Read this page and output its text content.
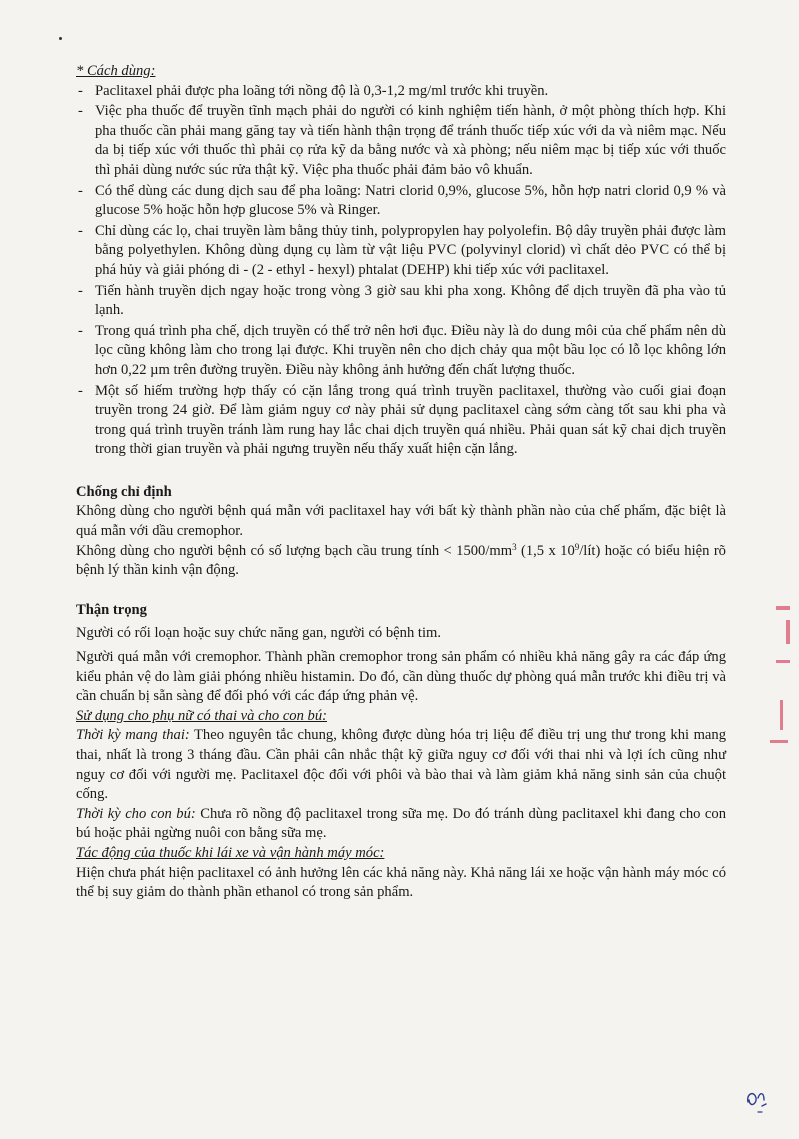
* Cách dùng:

- Paclitaxel phải được pha loãng tới nồng độ là 0,3-1,2 mg/ml trước khi truyền.
- Việc pha thuốc để truyền tĩnh mạch phải do người có kinh nghiệm tiến hành, ở một phòng thích hợp. Khi pha thuốc cần phải mang găng tay và tiến hành thận trọng để tránh thuốc tiếp xúc với da và niêm mạc. Nếu da bị tiếp xúc với thuốc thì phải cọ rửa kỹ da bằng nước và xà phòng; nếu niêm mạc bị tiếp xúc với thuốc thì phải dùng nước súc rửa thật kỹ. Việc pha thuốc phải đảm bảo vô khuẩn.
- Có thể dùng các dung dịch sau để pha loãng: Natri clorid 0,9%, glucose 5%, hỗn hợp natri clorid 0,9 % và glucose 5% hoặc hỗn hợp glucose 5% và Ringer.
- Chỉ dùng các lọ, chai truyền làm bằng thủy tinh, polypropylen hay polyolefin. Bộ dây truyền phải được làm bằng polyethylen. Không dùng dụng cụ làm từ vật liệu PVC (polyvinyl clorid) vì chất dẻo PVC có thể bị phá hủy và giải phóng di - (2 - ethyl - hexyl) phtalat (DEHP) khi tiếp xúc với paclitaxel.
- Tiến hành truyền dịch ngay hoặc trong vòng 3 giờ sau khi pha xong. Không để dịch truyền đã pha vào tủ lạnh.
- Trong quá trình pha chế, dịch truyền có thể trở nên hơi đục. Điều này là do dung môi của chế phẩm nên dù lọc cũng không làm cho trong lại được. Khi truyền nên cho dịch chảy qua một bầu lọc có lỗ lọc không lớn hơn 0,22 µm trên đường truyền. Điều này không ảnh hưởng đến chất lượng thuốc.
- Một số hiếm trường hợp thấy có cặn lắng trong quá trình truyền paclitaxel, thường vào cuối giai đoạn truyền trong 24 giờ. Để làm giảm nguy cơ này phải sử dụng paclitaxel càng sớm càng tốt sau khi pha và trong quá trình truyền tránh làm rung hay lắc chai dịch truyền quá nhiều. Phải quan sát kỹ chai dịch truyền trong thời gian truyền và phải ngưng truyền nếu thấy xuất hiện cặn lắng.

Chống chỉ định

Không dùng cho người bệnh quá mẫn với paclitaxel hay với bất kỳ thành phần nào của chế phẩm, đặc biệt là quá mẫn với dầu cremophor.

Không dùng cho người bệnh có số lượng bạch cầu trung tính < $1500/mm^3$ (1,5 x $10^9/lít$) hoặc có biểu hiện rõ bệnh lý thần kinh vận động.

Thận trọng

Người có rối loạn hoặc suy chức năng gan, người có bệnh tim.

Người quá mẫn với cremophor. Thành phần cremophor trong sản phẩm có nhiều khả năng gây ra các đáp ứng kiểu phản vệ do làm giải phóng nhiều histamin. Do đó, cần dùng thuốc dự phòng quá mẫn trước khi điều trị và cần chuẩn bị sẵn sàng để đối phó với các đáp ứng phản vệ.

Sử dụng cho phụ nữ có thai và cho con bú:

Thời kỳ mang thai: Theo nguyên tắc chung, không được dùng hóa trị liệu để điều trị ung thư trong khi mang thai, nhất là trong 3 tháng đầu. Cần phải cân nhắc thật kỹ giữa nguy cơ đối với thai nhi và lợi ích cũng như nguy cơ đối với người mẹ. Paclitaxel độc đối với phôi và bào thai và làm giảm khả năng sinh sản của chuột cống.

Thời kỳ cho con bú: Chưa rõ nồng độ paclitaxel trong sữa mẹ. Do đó tránh dùng paclitaxel khi đang cho con bú hoặc phải ngừng nuôi con bằng sữa mẹ.

Tác động của thuốc khi lái xe và vận hành máy móc:

Hiện chưa phát hiện paclitaxel có ảnh hưởng lên các khả năng này. Khả năng lái xe hoặc vận hành máy móc có thể bị suy giảm do thành phần ethanol có trong sản phẩm.
